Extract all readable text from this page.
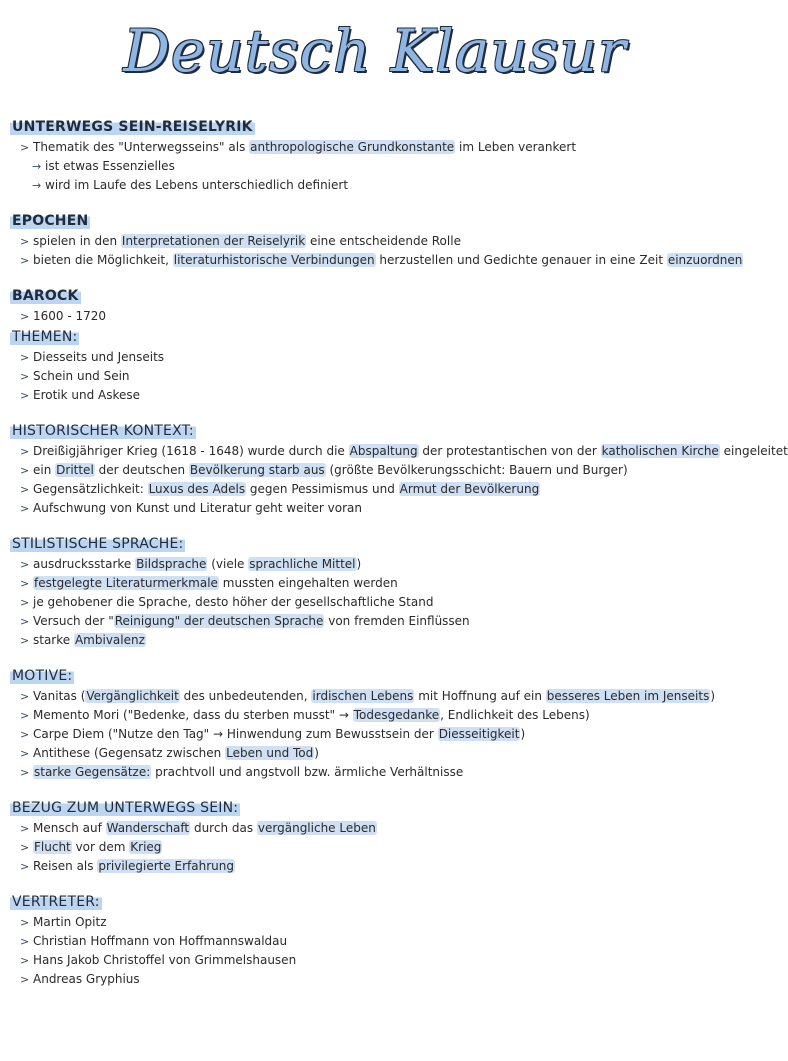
Deutsch Klausur
UNTERWEGS SEIN-REISELYRIK
> Thematik des "Unterwegsseins" als anthropologische Grundkonstante im Leben verankert
→ ist etwas Essenzielles
→ wird im Laufe des Lebens unterschiedlich definiert
EPOCHEN
> spielen in den Interpretationen der Reiselyrik eine entscheidende Rolle
> bieten die Möglichkeit, literaturhistorische Verbindungen herzustellen und Gedichte genauer in eine Zeit einzuordnen
BAROCK
> 1600 - 1720
THEMEN:
> Diesseits und Jenseits
> Schein und Sein
> Erotik und Askese
HISTORISCHER KONTEXT:
> Dreißigjähriger Krieg (1618 - 1648) wurde durch die Abspaltung der protestantischen von der katholischen Kirche eingeleitet
> ein Drittel der deutschen Bevölkerung starb aus (größte Bevölkerungsschicht: Bauern und Burger)
> Gegensätzlichkeit: Luxus des Adels gegen Pessimismus und Armut der Bevölkerung
> Aufschwung von Kunst und Literatur geht weiter voran
STILISTISCHE SPRACHE:
> ausdrucksstarke Bildsprache (viele sprachliche Mittel)
> festgelegte Literaturmerkmale mussten eingehalten werden
> je gehobener die Sprache, desto höher der gesellschaftliche Stand
> Versuch der "Reinigung" der deutschen Sprache von fremden Einflüssen
> starke Ambivalenz
MOTIVE:
> Vanitas (Vergänglichkeit des unbedeutenden, irdischen Lebens mit Hoffnung auf ein besseres Leben im Jenseits)
> Memento Mori ("Bedenke, dass du sterben musst" → Todesgedanke, Endlichkeit des Lebens)
> Carpe Diem ("Nutze den Tag" → Hinwendung zum Bewusstsein der Diesseitigkeit)
> Antithese (Gegensatz zwischen Leben und Tod)
> starke Gegensätze: prachtvoll und angstvoll bzw. ärmliche Verhältnisse
BEZUG ZUM UNTERWEGS SEIN:
> Mensch auf Wanderschaft durch das vergängliche Leben
> Flucht vor dem Krieg
> Reisen als privilegierte Erfahrung
VERTRETER:
> Martin Opitz
> Christian Hoffmann von Hoffmannswaldau
> Hans Jakob Christoffel von Grimmelshausen
> Andreas Gryphius
